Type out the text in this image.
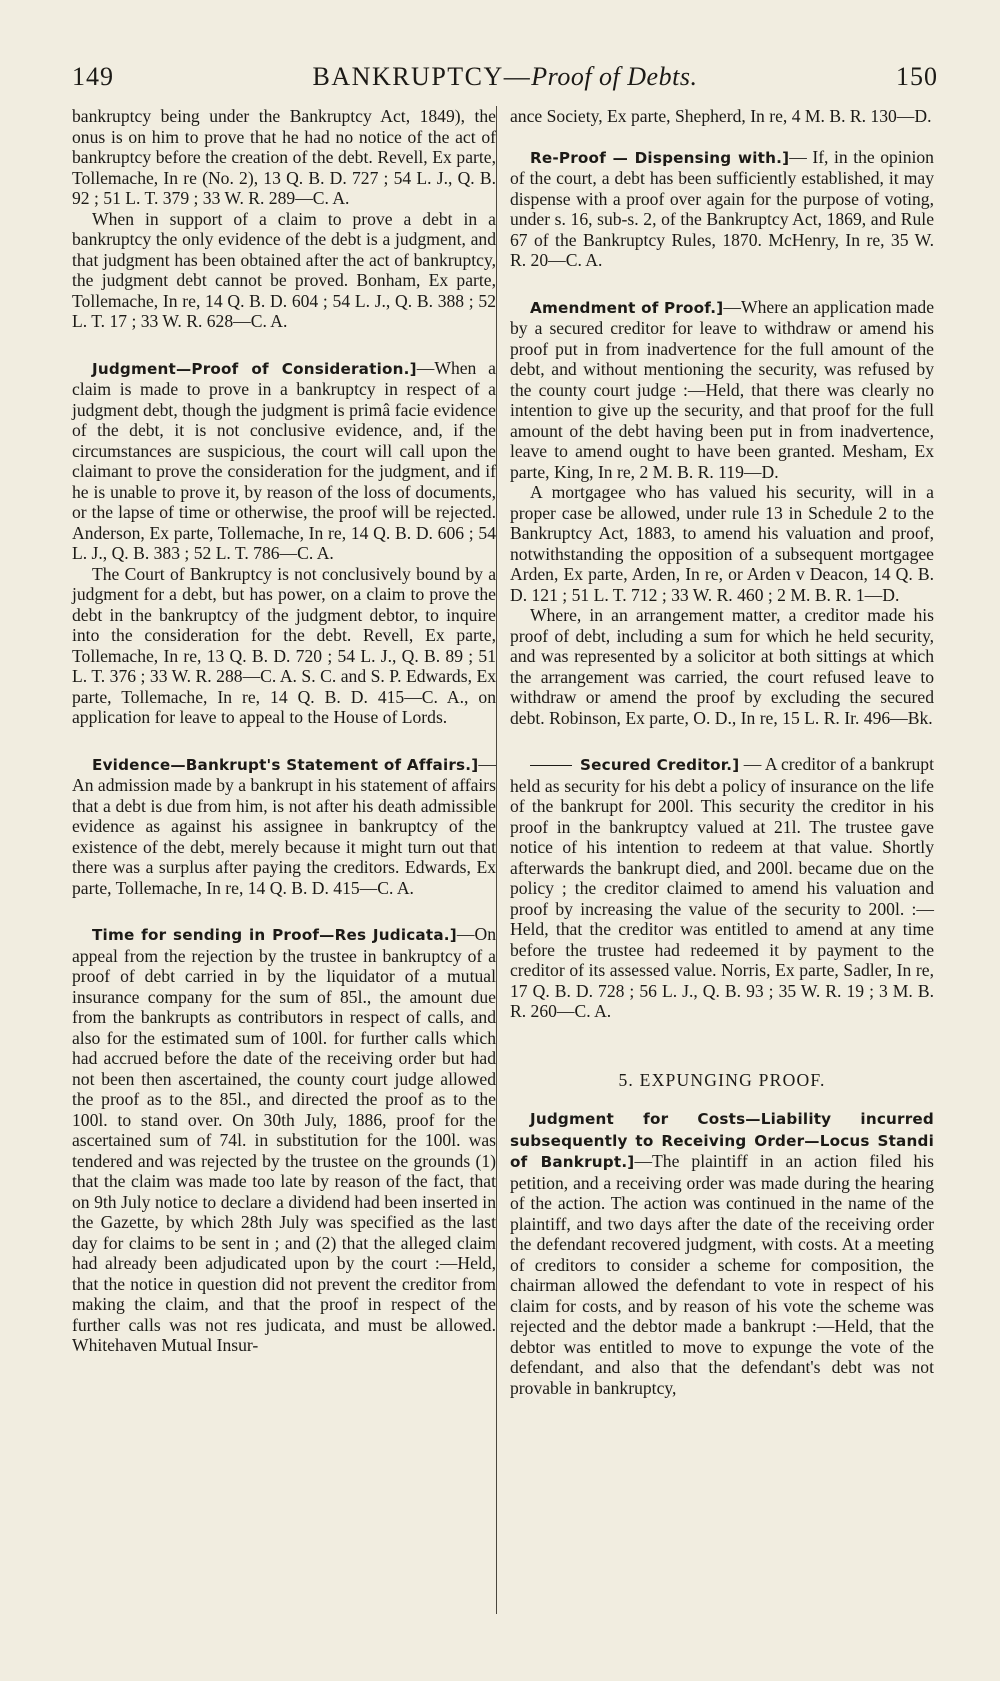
149	BANKRUPTCY—Proof of Debts.	150

bankruptcy being under the Bankruptcy Act, 1849), the onus is on him to prove that he had no notice of the act of bankruptcy before the creation of the debt. Revell, Ex parte, Tollemache, In re (No. 2), 13 Q. B. D. 727 ; 54 L. J., Q. B. 92 ; 51 L. T. 379 ; 33 W. R. 289—C. A.

When in support of a claim to prove a debt in a bankruptcy the only evidence of the debt is a judgment, and that judgment has been obtained after the act of bankruptcy, the judgment debt cannot be proved. Bonham, Ex parte, Tollemache, In re, 14 Q. B. D. 604 ; 54 L. J., Q. B. 388 ; 52 L. T. 17 ; 33 W. R. 628—C. A.

Judgment—Proof of Consideration.]—When a claim is made to prove in a bankruptcy in respect of a judgment debt, though the judgment is primâ facie evidence of the debt, it is not conclusive evidence, and, if the circumstances are suspicious, the court will call upon the claimant to prove the consideration for the judgment, and if he is unable to prove it, by reason of the loss of documents, or the lapse of time or otherwise, the proof will be rejected. Anderson, Ex parte, Tollemache, In re, 14 Q. B. D. 606 ; 54 L. J., Q. B. 383 ; 52 L. T. 786—C. A.

The Court of Bankruptcy is not conclusively bound by a judgment for a debt, but has power, on a claim to prove the debt in the bankruptcy of the judgment debtor, to inquire into the consideration for the debt. Revell, Ex parte, Tollemache, In re, 13 Q. B. D. 720 ; 54 L. J., Q. B. 89 ; 51 L. T. 376 ; 33 W. R. 288—C. A. S. C. and S. P. Edwards, Ex parte, Tollemache, In re, 14 Q. B. D. 415—C. A., on application for leave to appeal to the House of Lords.

Evidence—Bankrupt's Statement of Affairs.]—An admission made by a bankrupt in his statement of affairs that a debt is due from him, is not after his death admissible evidence as against his assignee in bankruptcy of the existence of the debt, merely because it might turn out that there was a surplus after paying the creditors. Edwards, Ex parte, Tollemache, In re, 14 Q. B. D. 415—C. A.

Time for sending in Proof—Res Judicata.]—On appeal from the rejection by the trustee in bankruptcy of a proof of debt carried in by the liquidator of a mutual insurance company for the sum of 85l., the amount due from the bankrupts as contributors in respect of calls, and also for the estimated sum of 100l. for further calls which had accrued before the date of the receiving order but had not been then ascertained, the county court judge allowed the proof as to the 85l., and directed the proof as to the 100l. to stand over. On 30th July, 1886, proof for the ascertained sum of 74l. in substitution for the 100l. was tendered and was rejected by the trustee on the grounds (1) that the claim was made too late by reason of the fact, that on 9th July notice to declare a dividend had been inserted in the Gazette, by which 28th July was specified as the last day for claims to be sent in ; and (2) that the alleged claim had already been adjudicated upon by the court :—Held, that the notice in question did not prevent the creditor from making the claim, and that the proof in respect of the further calls was not res judicata, and must be allowed. Whitehaven Mutual Insur-

ance Society, Ex parte, Shepherd, In re, 4 M. B. R. 130—D.

Re-Proof — Dispensing with.]— If, in the opinion of the court, a debt has been sufficiently established, it may dispense with a proof over again for the purpose of voting, under s. 16, sub-s. 2, of the Bankruptcy Act, 1869, and Rule 67 of the Bankruptcy Rules, 1870. McHenry, In re, 35 W. R. 20—C. A.

Amendment of Proof.]—Where an application made by a secured creditor for leave to withdraw or amend his proof put in from inadvertence for the full amount of the debt, and without mentioning the security, was refused by the county court judge :—Held, that there was clearly no intention to give up the security, and that proof for the full amount of the debt having been put in from inadvertence, leave to amend ought to have been granted. Mesham, Ex parte, King, In re, 2 M. B. R. 119—D.

A mortgagee who has valued his security, will in a proper case be allowed, under rule 13 in Schedule 2 to the Bankruptcy Act, 1883, to amend his valuation and proof, notwithstanding the opposition of a subsequent mortgagee Arden, Ex parte, Arden, In re, or Arden v Deacon, 14 Q. B. D. 121 ; 51 L. T. 712 ; 33 W. R. 460 ; 2 M. B. R. 1—D.

Where, in an arrangement matter, a creditor made his proof of debt, including a sum for which he held security, and was represented by a solicitor at both sittings at which the arrangement was carried, the court refused leave to withdraw or amend the proof by excluding the secured debt. Robinson, Ex parte, O. D., In re, 15 L. R. Ir. 496—Bk.

Secured Creditor.] — A creditor of a bankrupt held as security for his debt a policy of insurance on the life of the bankrupt for 200l. This security the creditor in his proof in the bankruptcy valued at 21l. The trustee gave notice of his intention to redeem at that value. Shortly afterwards the bankrupt died, and 200l. became due on the policy ; the creditor claimed to amend his valuation and proof by increasing the value of the security to 200l. :—Held, that the creditor was entitled to amend at any time before the trustee had redeemed it by payment to the creditor of its assessed value. Norris, Ex parte, Sadler, In re, 17 Q. B. D. 728 ; 56 L. J., Q. B. 93 ; 35 W. R. 19 ; 3 M. B. R. 260—C. A.

5. EXPUNGING PROOF.

Judgment for Costs—Liability incurred subsequently to Receiving Order—Locus Standi of Bankrupt.]—The plaintiff in an action filed his petition, and a receiving order was made during the hearing of the action. The action was continued in the name of the plaintiff, and two days after the date of the receiving order the defendant recovered judgment, with costs. At a meeting of creditors to consider a scheme for composition, the chairman allowed the defendant to vote in respect of his claim for costs, and by reason of his vote the scheme was rejected and the debtor made a bankrupt :—Held, that the debtor was entitled to move to expunge the vote of the defendant, and also that the defendant's debt was not provable in bankruptcy,
